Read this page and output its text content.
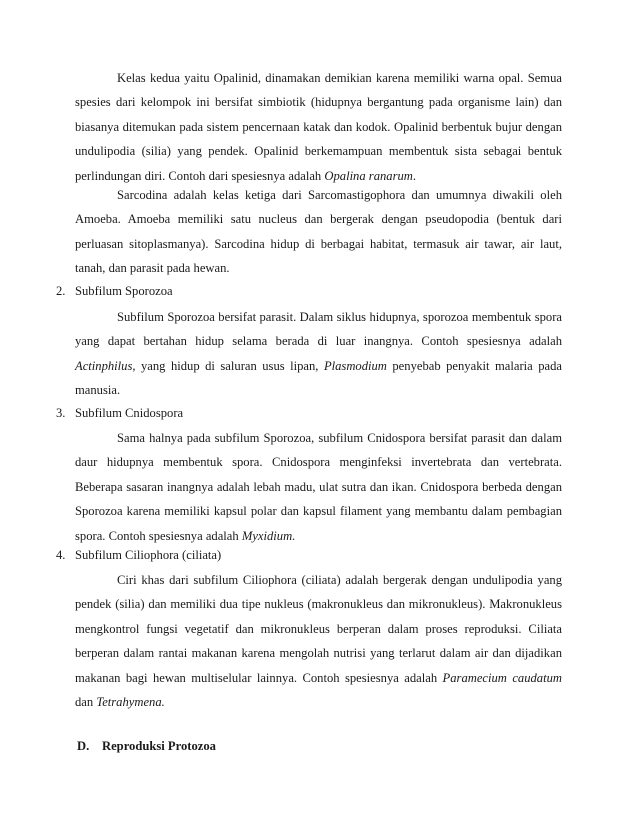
Kelas kedua yaitu Opalinid, dinamakan demikian karena memiliki warna opal. Semua spesies dari kelompok ini bersifat simbiotik (hidupnya bergantung pada organisme lain) dan biasanya ditemukan pada sistem pencernaan katak dan kodok. Opalinid berbentuk bujur dengan undulipodia (silia) yang pendek. Opalinid berkemampuan membentuk sista sebagai bentuk perlindungan diri. Contoh dari spesiesnya adalah Opalina ranarum.

Sarcodina adalah kelas ketiga dari Sarcomastigophora dan umumnya diwakili oleh Amoeba. Amoeba memiliki satu nucleus dan bergerak dengan pseudopodia (bentuk dari perluasan sitoplasmanya). Sarcodina hidup di berbagai habitat, termasuk air tawar, air laut, tanah, dan parasit pada hewan.

2. Subfilum Sporozoa

Subfilum Sporozoa bersifat parasit. Dalam siklus hidupnya, sporozoa membentuk spora yang dapat bertahan hidup selama berada di luar inangnya. Contoh spesiesnya adalah Actinphilus, yang hidup di saluran usus lipan, Plasmodium penyebab penyakit malaria pada manusia.

3. Subfilum Cnidospora

Sama halnya pada subfilum Sporozoa, subfilum Cnidospora bersifat parasit dan dalam daur hidupnya membentuk spora. Cnidospora menginfeksi invertebrata dan vertebrata. Beberapa sasaran inangnya adalah lebah madu, ulat sutra dan ikan. Cnidospora berbeda dengan Sporozoa karena memiliki kapsul polar dan kapsul filament yang membantu dalam pembagian spora. Contoh spesiesnya adalah Myxidium.

4. Subfilum Ciliophora (ciliata)

Ciri khas dari subfilum Ciliophora (ciliata) adalah bergerak dengan undulipodia yang pendek (silia) dan memiliki dua tipe nukleus (makronukleus dan mikronukleus). Makronukleus mengkontrol fungsi vegetatif dan mikronukleus berperan dalam proses reproduksi. Ciliata berperan dalam rantai makanan karena mengolah nutrisi yang terlarut dalam air dan dijadikan makanan bagi hewan multiselular lainnya. Contoh spesiesnya adalah Paramecium caudatum dan Tetrahymena.

D. Reproduksi Protozoa
